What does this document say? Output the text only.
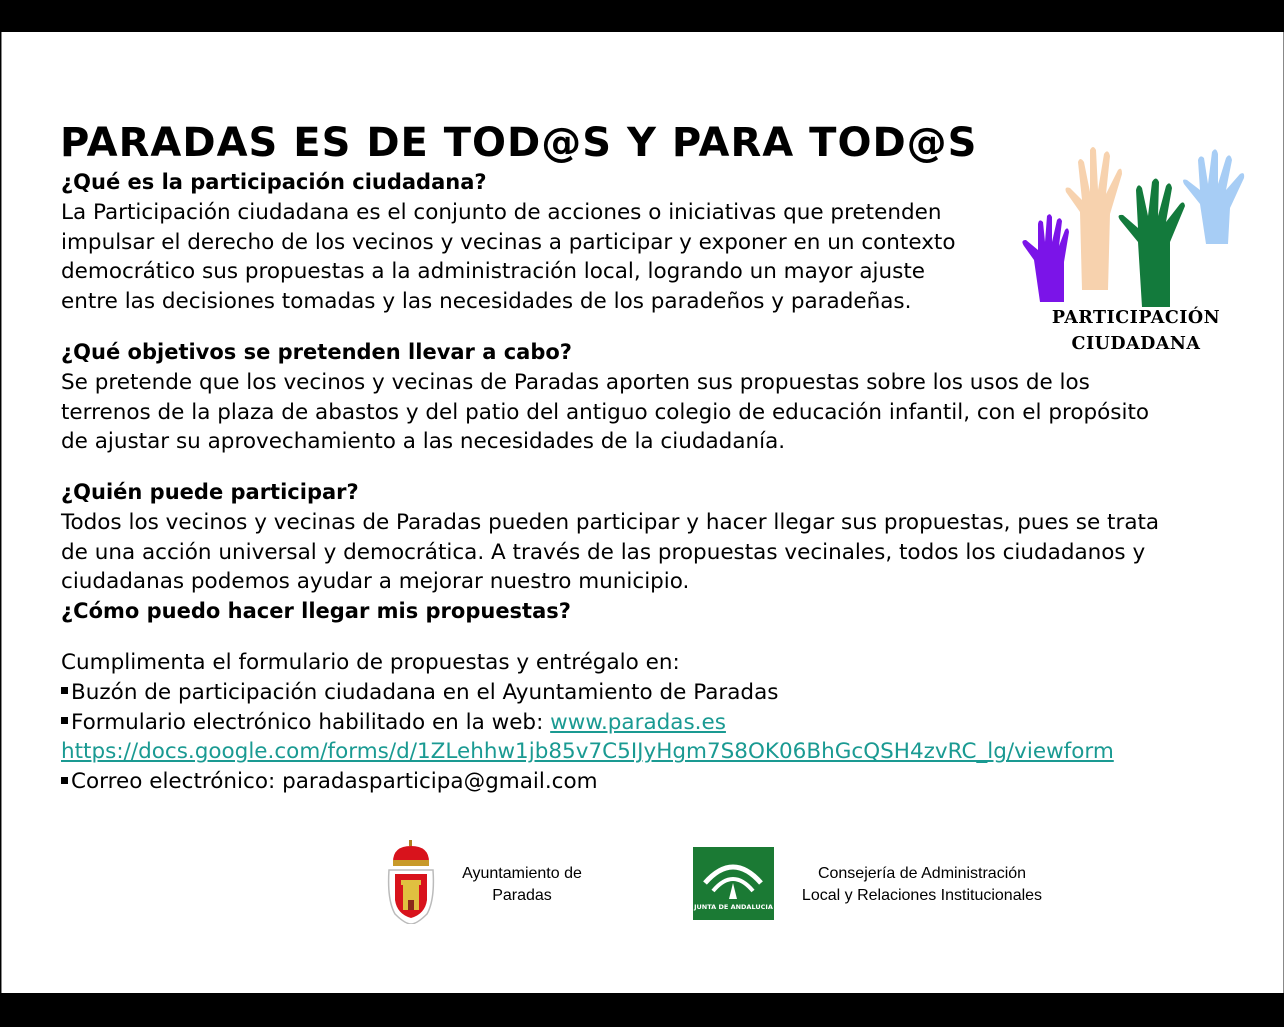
PARADAS ES DE TOD@S Y PARA TOD@S
PARTICIPACIÓN
CIUDADANA
¿Qué es la participación ciudadana?
La Participación ciudadana es el conjunto de acciones o iniciativas que pretenden
impulsar el derecho de los vecinos y vecinas a participar y exponer en un contexto
democrático sus propuestas a la administración local, logrando un mayor ajuste
entre las decisiones tomadas y las necesidades de los paradeños y paradeñas.
¿Qué objetivos se pretenden llevar a cabo?
Se pretende que los vecinos y vecinas de Paradas aporten sus propuestas sobre los usos de los
terrenos de la plaza de abastos y del patio del antiguo colegio de educación infantil, con el propósito
de ajustar su aprovechamiento a las necesidades de la ciudadanía.
¿Quién puede participar?
Todos los vecinos y vecinas de Paradas pueden participar y hacer llegar sus propuestas, pues se trata
de una acción universal y democrática. A través de las propuestas vecinales, todos los ciudadanos y
ciudadanas podemos ayudar a mejorar nuestro municipio.
¿Cómo puedo hacer llegar mis propuestas?
Cumplimenta el formulario de propuestas y entrégalo en:
Buzón de participación ciudadana en el Ayuntamiento de Paradas
Formulario electrónico habilitado en la web: www.paradas.es
https://docs.google.com/forms/d/1ZLehhw1jb85v7C5IJyHgm7S8OK06BhGcQSH4zvRC_lg/viewform
Correo electrónico: paradasparticipa@gmail.com
Ayuntamiento de
Paradas
JUNTA DE ANDALUCIA
Consejería de Administración
Local y Relaciones Institucionales
